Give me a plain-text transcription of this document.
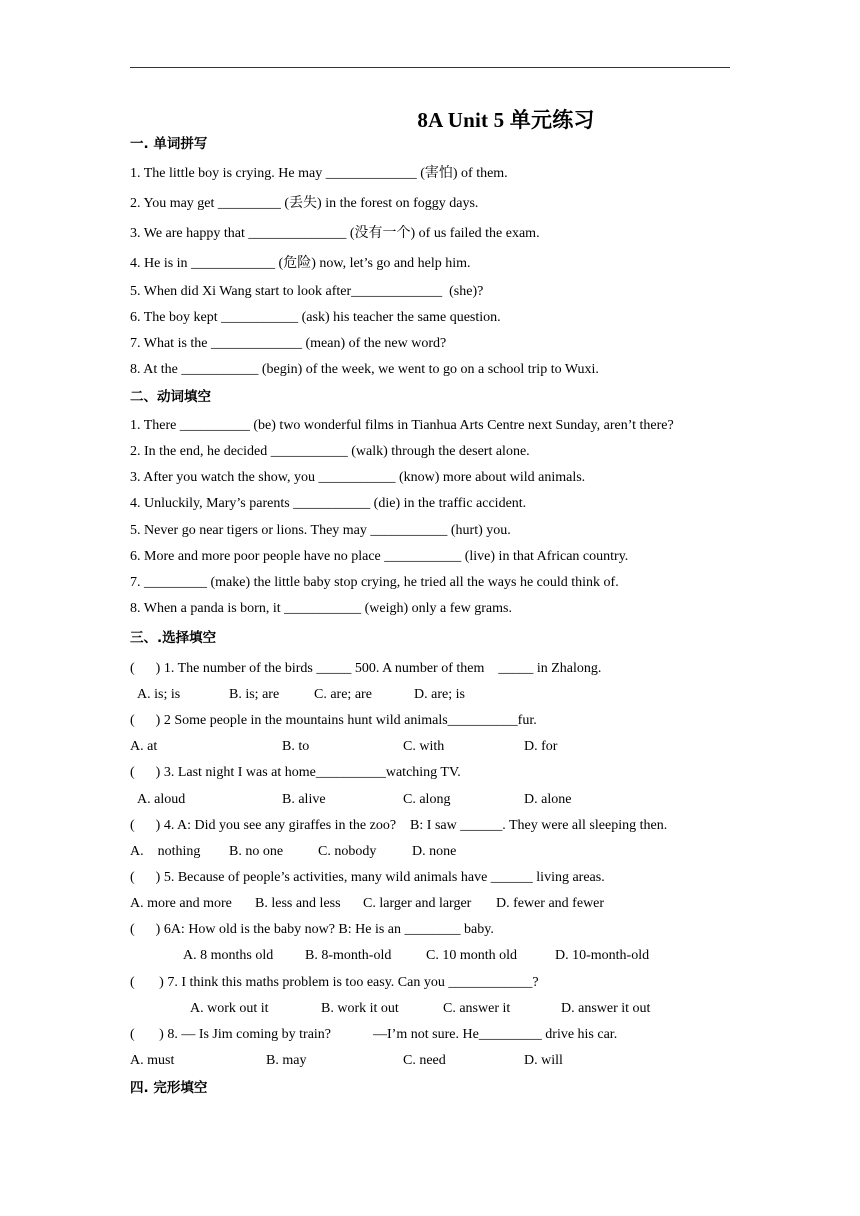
8A Unit 5 单元练习
一. 单词拼写
1. The little boy is crying. He may _____________ (害怕) of them.
2. You may get _________ (丢失) in the forest on foggy days.
3. We are happy that ______________ (没有一个) of us failed the exam.
4. He is in ____________ (危险) now, let’s go and help him.
5. When did Xi Wang start to look after_____________  (she)?
6. The boy kept ___________ (ask) his teacher the same question.
7. What is the _____________ (mean) of the new word?
8. At the ___________ (begin) of the week, we went to go on a school trip to Wuxi.
二、动词填空
1. There __________ (be) two wonderful films in Tianhua Arts Centre next Sunday, aren’t there?
2. In the end, he decided ___________ (walk) through the desert alone.
3. After you watch the show, you ___________ (know) more about wild animals.
4. Unluckily, Mary’s parents ___________ (die) in the traffic accident.
5. Never go near tigers or lions. They may ___________ (hurt) you.
6. More and more poor people have no place ___________ (live) in that African country.
7. _________ (make) the little baby stop crying, he tried all the ways he could think of.
8. When a panda is born, it ___________ (weigh) only a few grams.
三、.选择填空
(      ) 1. The number of the birds _____ 500. A number of them    _____ in Zhalong.
A. is; is	B. is; are C. are; are	D. are; is
(      ) 2 Some people in the mountains hunt wild animals__________fur.
A. at	B. to	C. with	D. for
(      ) 3. Last night I was at home__________watching TV.
A. aloud	B. alive	C. along	D. alone
(      ) 4. A: Did you see any giraffes in the zoo?    B: I saw ______. They were all sleeping then.
A.    nothing B. no one C. nobody	D. none
(      ) 5. Because of people’s activities, many wild animals have ______ living areas.
A. more and more B. less and less C. larger and larger D. fewer and fewer
(      ) 6A: How old is the baby now? B: He is an ________ baby.
A. 8 months old B. 8-month-old C. 10 month old	D. 10-month-old
(       ) 7. I think this maths problem is too easy. Can you ____________?
A. work out it	B. work it out	C. answer it	D. answer it out
(       ) 8. — Is Jim coming by train?            —I’m not sure. He_________ drive his car.
A. must	B. may	C. need	D. will
四. 完形填空
